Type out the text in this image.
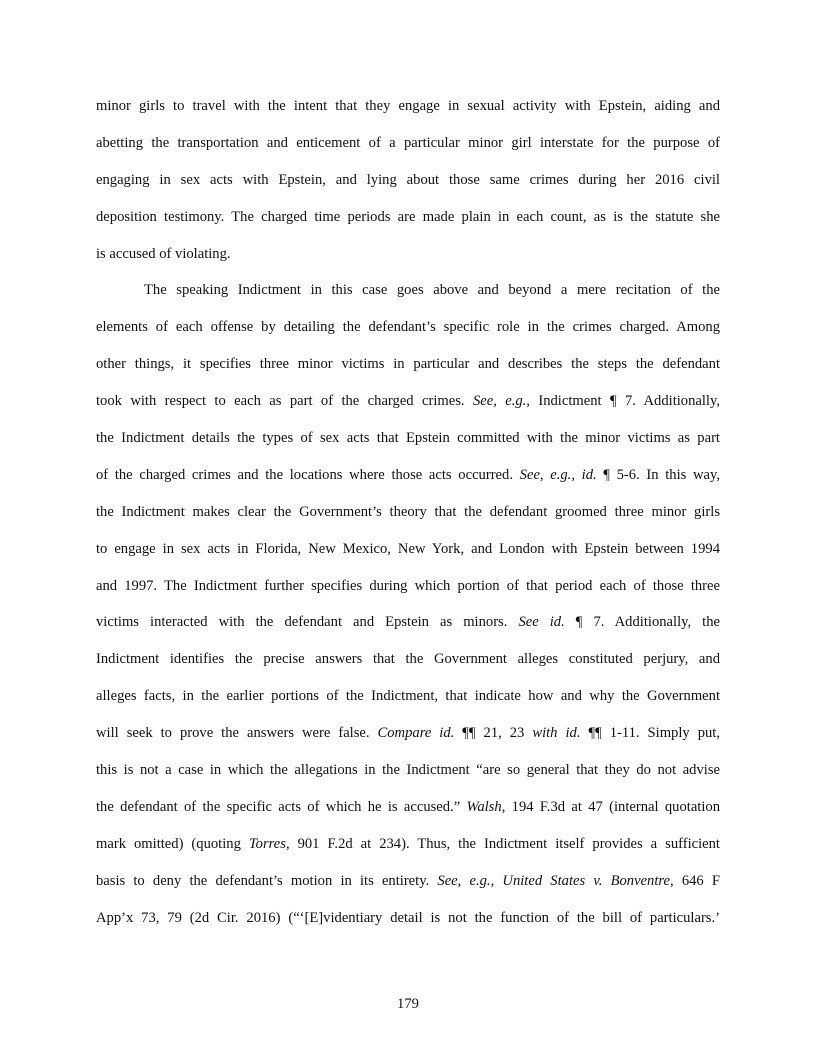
minor girls to travel with the intent that they engage in sexual activity with Epstein, aiding and
abetting the transportation and enticement of a particular minor girl interstate for the purpose of
engaging in sex acts with Epstein, and lying about those same crimes during her 2016 civil
deposition testimony. The charged time periods are made plain in each count, as is the statute she
is accused of violating.
The speaking Indictment in this case goes above and beyond a mere recitation of the
elements of each offense by detailing the defendant’s specific role in the crimes charged. Among
other things, it specifies three minor victims in particular and describes the steps the defendant
took with respect to each as part of the charged crimes. See, e.g., Indictment ¶ 7. Additionally,
the Indictment details the types of sex acts that Epstein committed with the minor victims as part
of the charged crimes and the locations where those acts occurred. See, e.g., id. ¶ 5-6. In this way,
the Indictment makes clear the Government’s theory that the defendant groomed three minor girls
to engage in sex acts in Florida, New Mexico, New York, and London with Epstein between 1994
and 1997. The Indictment further specifies during which portion of that period each of those three
victims interacted with the defendant and Epstein as minors. See id. ¶ 7. Additionally, the
Indictment identifies the precise answers that the Government alleges constituted perjury, and
alleges facts, in the earlier portions of the Indictment, that indicate how and why the Government
will seek to prove the answers were false. Compare id. ¶¶ 21, 23 with id. ¶¶ 1-11. Simply put,
this is not a case in which the allegations in the Indictment “are so general that they do not advise
the defendant of the specific acts of which he is accused.” Walsh, 194 F.3d at 47 (internal quotation
mark omitted) (quoting Torres, 901 F.2d at 234). Thus, the Indictment itself provides a sufficient
basis to deny the defendant’s motion in its entirety. See, e.g., United States v. Bonventre, 646 F
App’x 73, 79 (2d Cir. 2016) (“‘[E]videntiary detail is not the function of the bill of particulars.’
179
